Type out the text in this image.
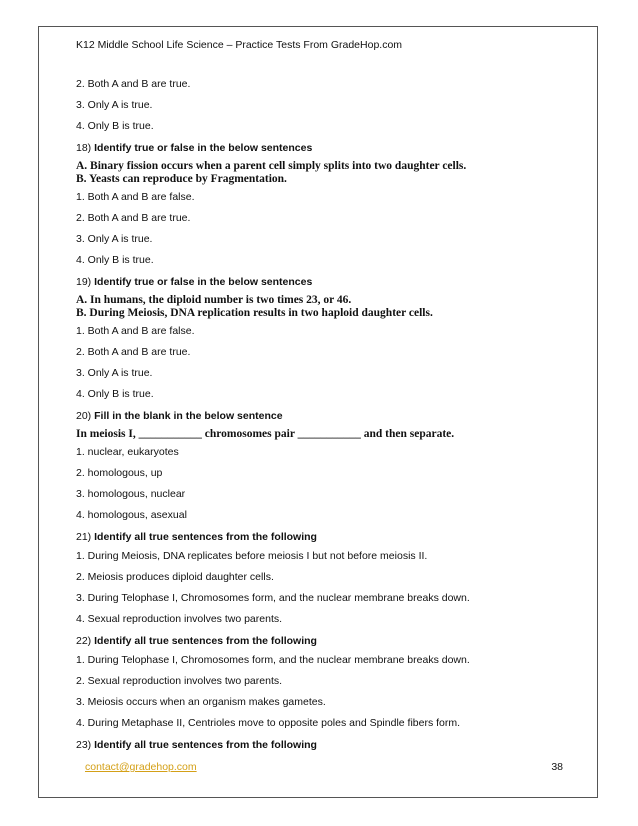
K12 Middle School Life Science – Practice Tests From GradeHop.com
2. Both A and B are true.
3. Only A is true.
4. Only B is true.
18) Identify true or false in the below sentences
A. Binary fission occurs when a parent cell simply splits into two daughter cells.
B. Yeasts can reproduce by Fragmentation.
1. Both A and B are false.
2. Both A and B are true.
3. Only A is true.
4. Only B is true.
19) Identify true or false in the below sentences
A. In humans, the diploid number is two times 23, or 46.
B. During Meiosis, DNA replication results in two haploid daughter cells.
1. Both A and B are false.
2. Both A and B are true.
3. Only A is true.
4. Only B is true.
20) Fill in the blank in the below sentence
In meiosis I, ___________ chromosomes pair ___________ and then separate.
1. nuclear, eukaryotes
2. homologous, up
3. homologous, nuclear
4. homologous, asexual
21) Identify all true sentences from the following
1. During Meiosis, DNA replicates before meiosis I but not before meiosis II.
2. Meiosis produces diploid daughter cells.
3. During Telophase I, Chromosomes form, and the nuclear membrane breaks down.
4. Sexual reproduction involves two parents.
22) Identify all true sentences from the following
1. During Telophase I, Chromosomes form, and the nuclear membrane breaks down.
2. Sexual reproduction involves two parents.
3. Meiosis occurs when an organism makes gametes.
4. During Metaphase II, Centrioles move to opposite poles and Spindle fibers form.
23) Identify all true sentences from the following
contact@gradehop.com	38
